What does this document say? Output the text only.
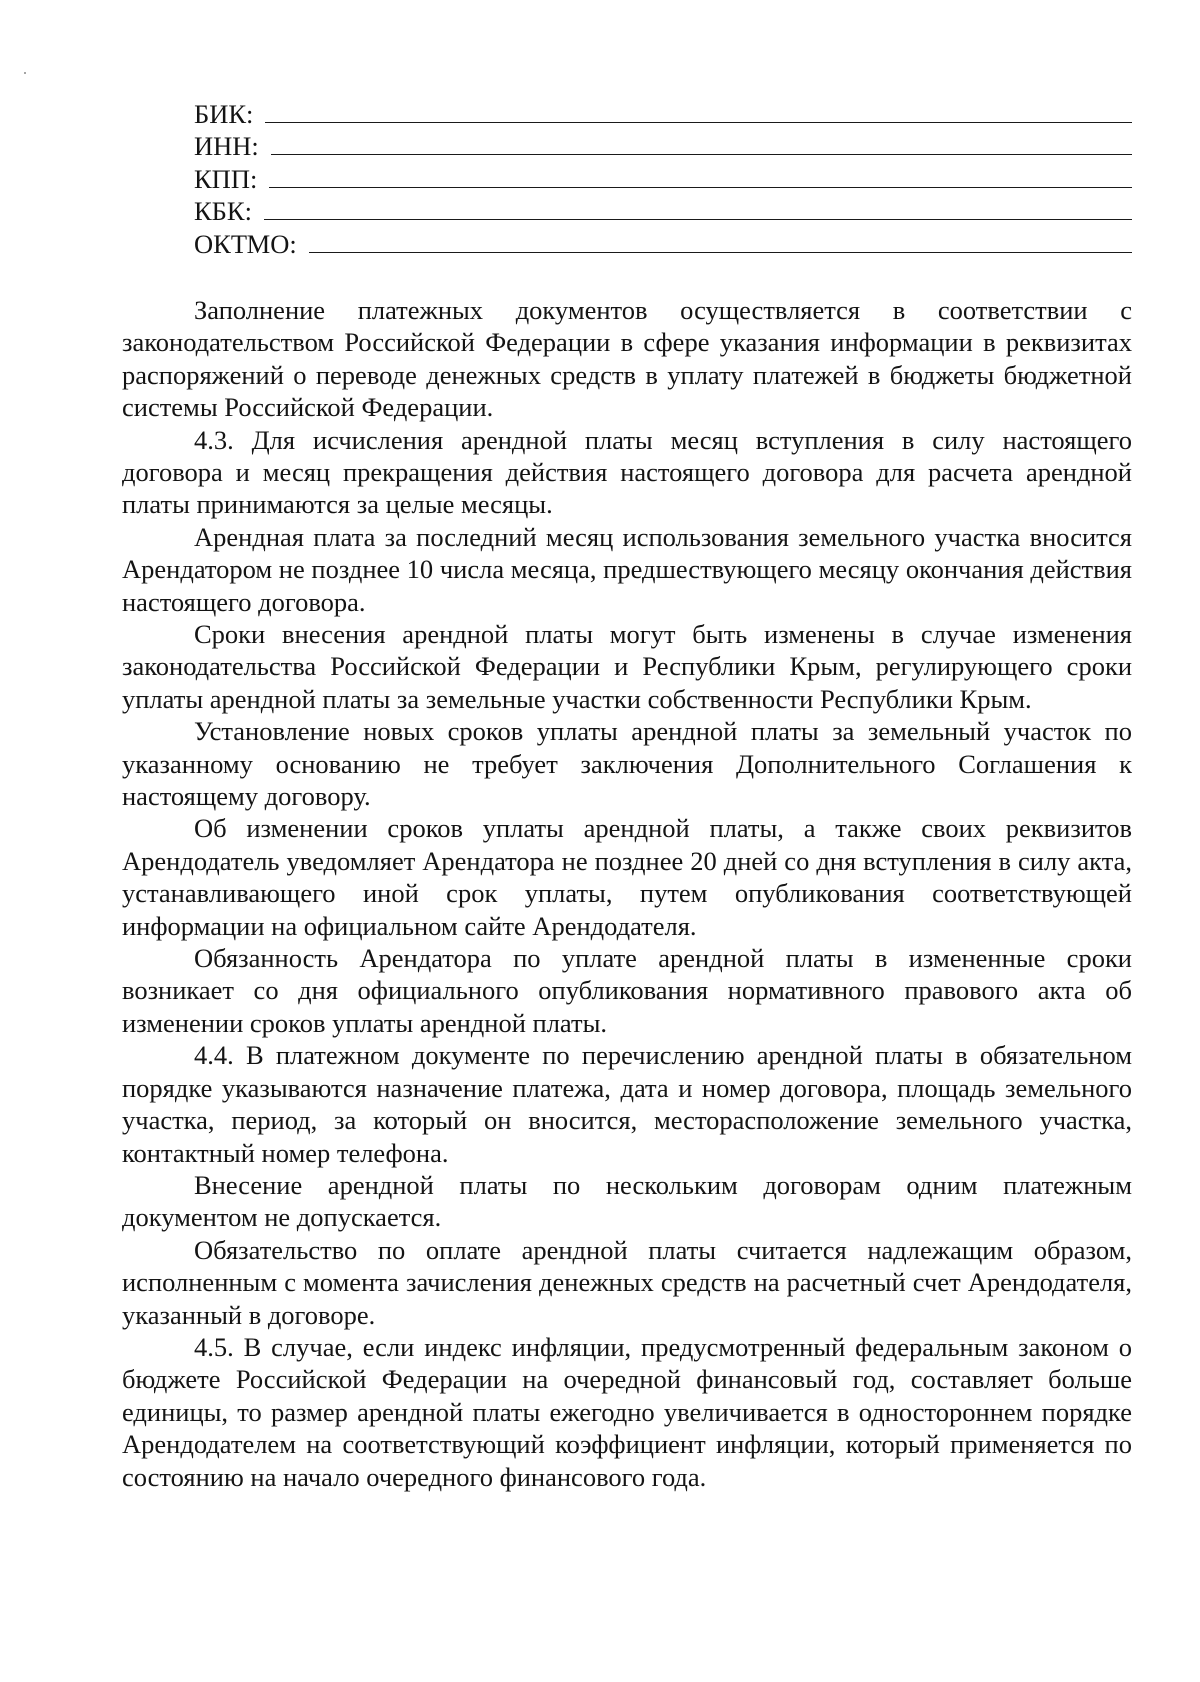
БИК:
ИНН:
КПП:
КБК:
ОКТМО:

Заполнение платежных документов осуществляется в соответствии с законодательством Российской Федерации в сфере указания информации в реквизитах распоряжений о переводе денежных средств в уплату платежей в бюджеты бюджетной системы Российской Федерации.

4.3. Для исчисления арендной платы месяц вступления в силу настоящего договора и месяц прекращения действия настоящего договора для расчета арендной платы принимаются за целые месяцы.

Арендная плата за последний месяц использования земельного участка вносится Арендатором не позднее 10 числа месяца, предшествующего месяцу окончания действия настоящего договора.

Сроки внесения арендной платы могут быть изменены в случае изменения законодательства Российской Федерации и Республики Крым, регулирующего сроки уплаты арендной платы за земельные участки собственности Республики Крым.

Установление новых сроков уплаты арендной платы за земельный участок по указанному основанию не требует заключения Дополнительного Соглашения к настоящему договору.

Об изменении сроков уплаты арендной платы, а также своих реквизитов Арендодатель уведомляет Арендатора не позднее 20 дней со дня вступления в силу акта, устанавливающего иной срок уплаты, путем опубликования соответствующей информации на официальном сайте Арендодателя.

Обязанность Арендатора по уплате арендной платы в измененные сроки возникает со дня официального опубликования нормативного правового акта об изменении сроков уплаты арендной платы.

4.4. В платежном документе по перечислению арендной платы в обязательном порядке указываются назначение платежа, дата и номер договора, площадь земельного участка, период, за который он вносится, месторасположение земельного участка, контактный номер телефона.

Внесение арендной платы по нескольким договорам одним платежным документом не допускается.

Обязательство по оплате арендной платы считается надлежащим образом, исполненным с момента зачисления денежных средств на расчетный счет Арендодателя, указанный в договоре.

4.5. В случае, если индекс инфляции, предусмотренный федеральным законом о бюджете Российской Федерации на очередной финансовый год, составляет больше единицы, то размер арендной платы ежегодно увеличивается в одностороннем порядке Арендодателем на соответствующий коэффициент инфляции, который применяется по состоянию на начало очередного финансового года.
